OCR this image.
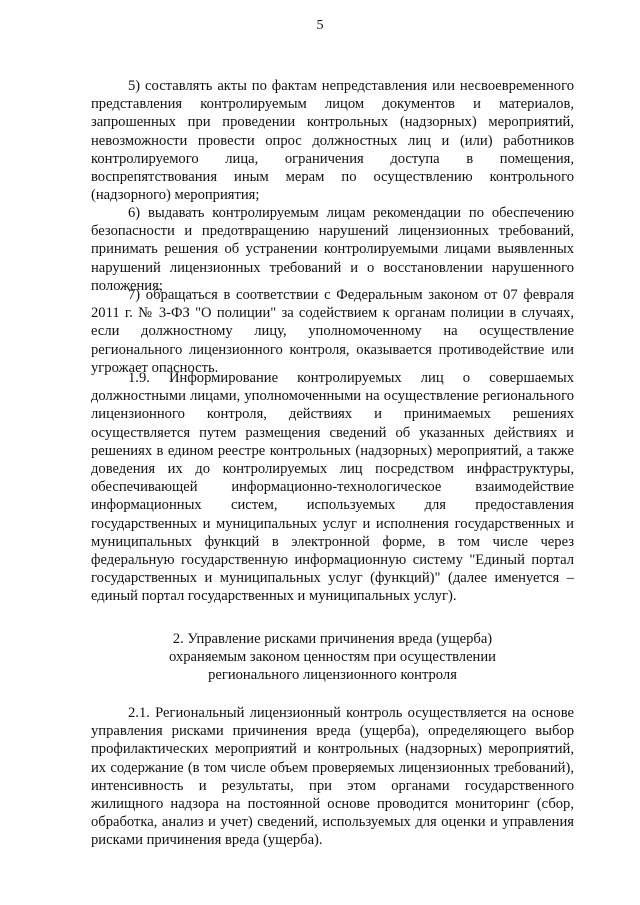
5

5) составлять акты по фактам непредставления или несвоевременного представления контролируемым лицом документов и материалов, запрошенных при проведении контрольных (надзорных) мероприятий, невозможности провести опрос должностных лиц и (или) работников контролируемого лица, ограничения доступа в помещения, воспрепятствования иным мерам по осуществлению контрольного (надзорного) мероприятия;

6) выдавать контролируемым лицам рекомендации по обеспечению безопасности и предотвращению нарушений лицензионных требований, принимать решения об устранении контролируемыми лицами выявленных нарушений лицензионных требований и о восстановлении нарушенного положения;

7) обращаться в соответствии с Федеральным законом от 07 февраля 2011 г. № 3-ФЗ "О полиции" за содействием к органам полиции в случаях, если должностному лицу, уполномоченному на осуществление регионального лицензионного контроля, оказывается противодействие или угрожает опасность.

1.9. Информирование контролируемых лиц о совершаемых должностными лицами, уполномоченными на осуществление регионального лицензионного контроля, действиях и принимаемых решениях осуществляется путем размещения сведений об указанных действиях и решениях в едином реестре контрольных (надзорных) мероприятий, а также доведения их до контролируемых лиц посредством инфраструктуры, обеспечивающей информационно-технологическое взаимодействие информационных систем, используемых для предоставления государственных и муниципальных услуг и исполнения государственных и муниципальных функций в электронной форме, в том числе через федеральную государственную информационную систему "Единый портал государственных и муниципальных услуг (функций)" (далее именуется – единый портал государственных и муниципальных услуг).

2. Управление рисками причинения вреда (ущерба)
охраняемым законом ценностям при осуществлении
регионального лицензионного контроля

2.1. Региональный лицензионный контроль осуществляется на основе управления рисками причинения вреда (ущерба), определяющего выбор профилактических мероприятий и контрольных (надзорных) мероприятий, их содержание (в том числе объем проверяемых лицензионных требований), интенсивность и результаты, при этом органами государственного жилищного надзора на постоянной основе проводится мониторинг (сбор, обработка, анализ и учет) сведений, используемых для оценки и управления рисками причинения вреда (ущерба).
